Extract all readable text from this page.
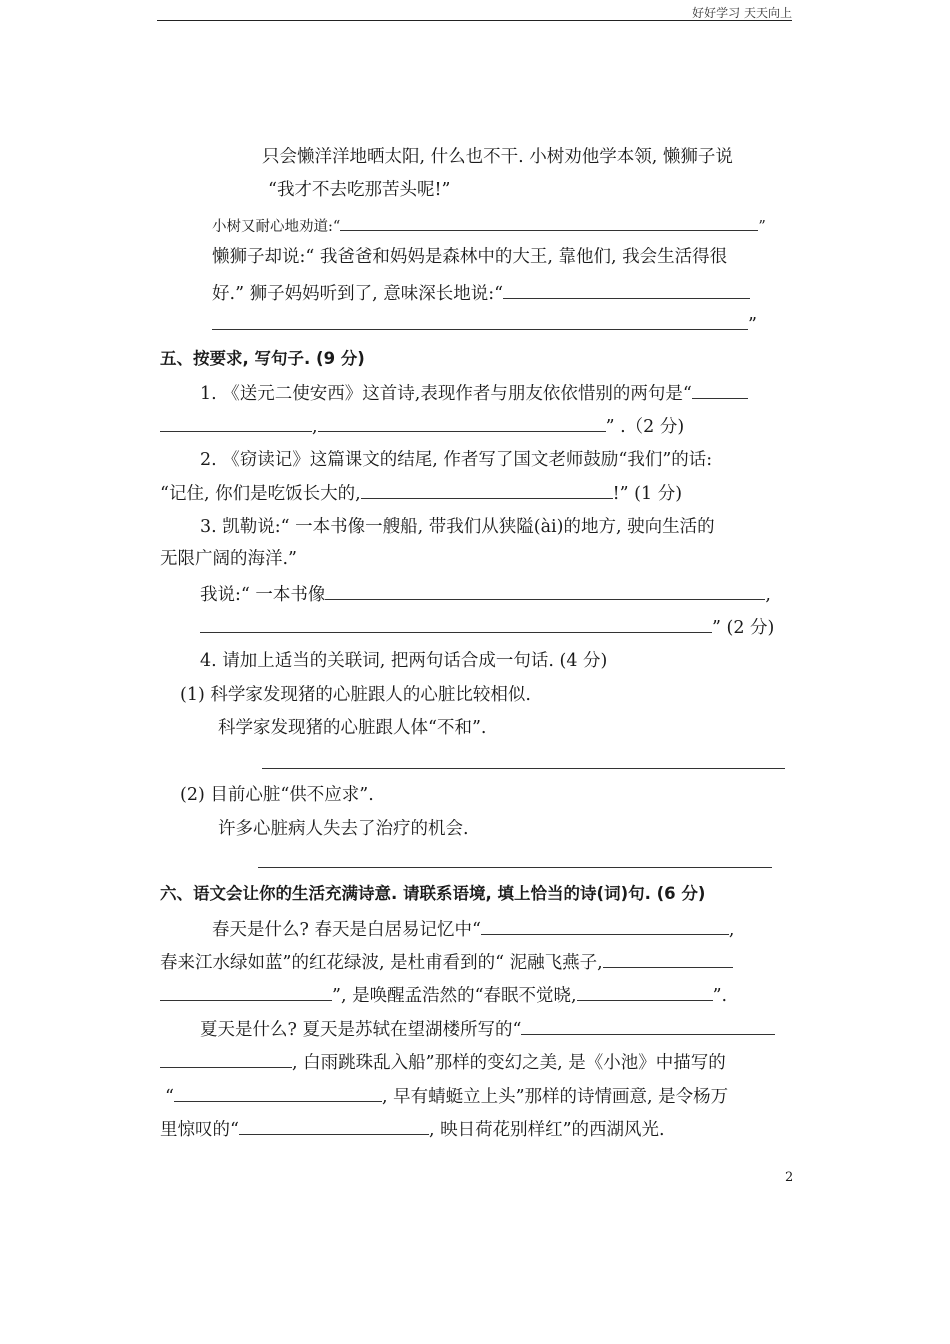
好好学习 天天向上
只会懒洋洋地晒太阳, 什么也不干. 小树劝他学本领, 懒狮子说
“我才不去吃那苦头呢!”
小树又耐心地劝道:“	”
懒狮子却说:“ 我爸爸和妈妈是森林中的大王, 靠他们, 我会生活得很
好.” 狮子妈妈听到了, 意味深长地说:“
”
五、按要求, 写句子. (9 分)
1. 《送元二使安西》这首诗,表现作者与朋友依依惜别的两句是“
,	” .（2 分)
2. 《窃读记》这篇课文的结尾, 作者写了国文老师鼓励“我们”的话:
“记住, 你们是吃饭长大的,	!” (1 分)
3. 凯勒说:“ 一本书像一艘船, 带我们从狭隘(ài)的地方, 驶向生活的
无限广阔的海洋.”
我说:“ 一本书像	,
” (2 分)
4. 请加上适当的关联词, 把两句话合成一句话. (4 分)
(1) 科学家发现猪的心脏跟人的心脏比较相似.
科学家发现猪的心脏跟人体“不和”.
(2) 目前心脏“供不应求”.
许多心脏病人失去了治疗的机会.
六、语文会让你的生活充满诗意. 请联系语境, 填上恰当的诗(词)句. (6 分)
春天是什么? 春天是白居易记忆中“	,
春来江水绿如蓝”的红花绿波, 是杜甫看到的“ 泥融飞燕子,
”, 是唤醒孟浩然的“春眠不觉晓,	”.
夏天是什么? 夏天是苏轼在望湖楼所写的“
, 白雨跳珠乱入船”那样的变幻之美, 是《小池》中描写的
“	, 早有蜻蜓立上头”那样的诗情画意, 是令杨万
里惊叹的“	, 映日荷花别样红”的西湖风光.
2
